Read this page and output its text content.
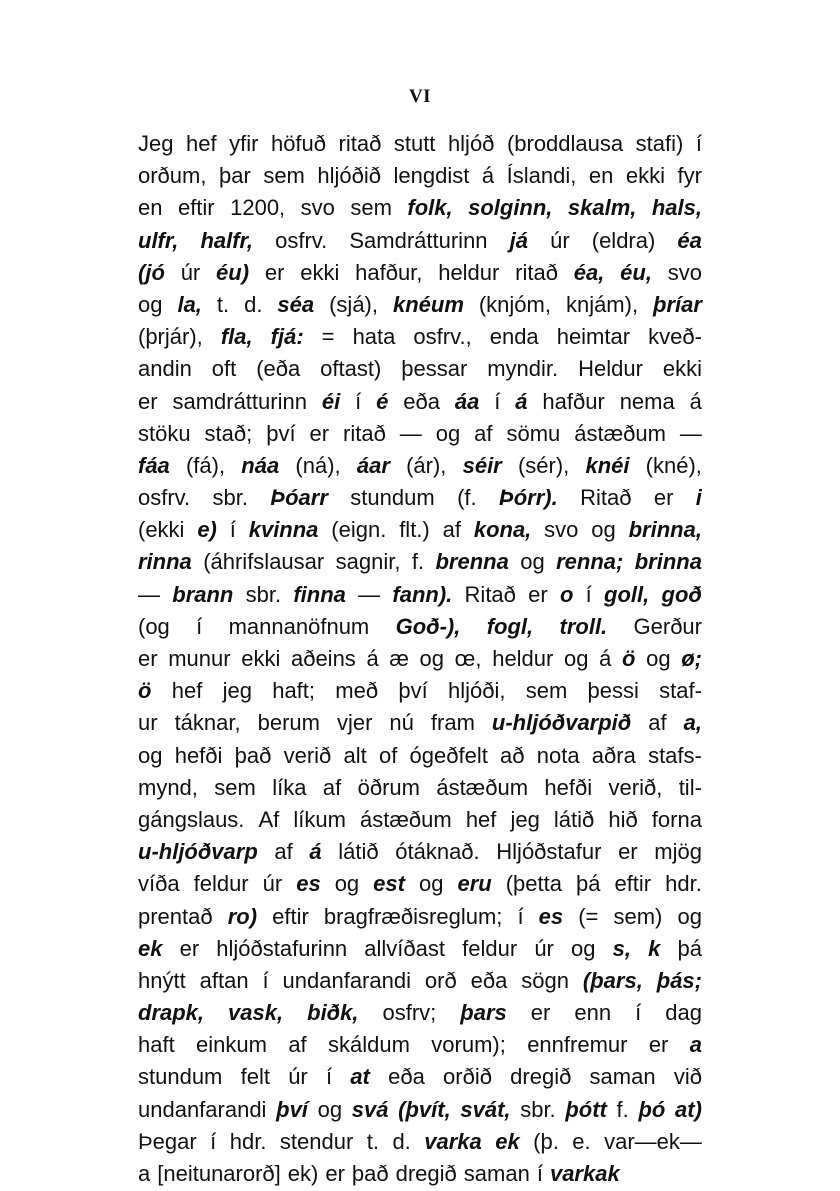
VI
Jeg hef yfir höfuð ritað stutt hljóð (broddlausa stafi) í
orðum, þar sem hljóðið lengdist á Íslandi, en ekki fyr
en eftir 1200, svo sem folk, solginn, skalm, hals,
ulfr, halfr, osfrv. Samdrátturinn já úr (eldra) éa
(jó úr éu) er ekki hafður, heldur ritað éa, éu, svo
og la, t. d. séa (sjá), knéum (knjóm, knjám), þríar
(þrjár), fla, fjá: = hata osfrv., enda heimtar kveð-
andin oft (eða oftast) þessar myndir. Heldur ekki
er samdrátturinn éi í é eða áa í á hafður nema á
stöku stað; því er ritað — og af sömu ástæðum —
fáa (fá), náa (ná), áar (ár), séir (sér), knéi (kné),
osfrv. sbr. Þóarr stundum (f. Þórr). Ritað er i
(ekki e) í kvinna (eign. flt.) af kona, svo og brinna,
rinna (áhrifslausar sagnir, f. brenna og renna; brinna
— brann sbr. finna — fann). Ritað er o í goll, goð
(og í mannanöfnum Goð-), fogl, troll. Gerður
er munur ekki aðeins á æ og œ, heldur og á ö og ø;
ö hef jeg haft; með því hljóði, sem þessi staf-
ur táknar, berum vjer nú fram u-hljóðvarpið af a,
og hefði það verið alt of ógeðfelt að nota aðra stafs-
mynd, sem líka af öðrum ástæðum hefði verið, til-
gángslaus. Af líkum ástæðum hef jeg látið hið forna
u-hljóðvarp af á látið ótáknað. Hljóðstafur er mjög
víða feldur úr es og est og eru (þetta þá eftir hdr.
prentað ro) eftir bragfræðisreglum; í es (= sem) og
ek er hljóðstafurinn allvíðast feldur úr og s, k þá
hnýtt aftan í undanfarandi orð eða sögn (þars, þás;
drapk, vask, biðk, osfrv; þars er enn í dag
haft einkum af skáldum vorum); ennfremur er a
stundum felt úr í at eða orðið dregið saman við
undanfarandi því og svá (þvít, svát, sbr. þótt f. þó at)
Þegar í hdr. stendur t. d. varka ek (þ. e. var—ek—
a [neitunarorð] ek) er það dregið saman í varkak
